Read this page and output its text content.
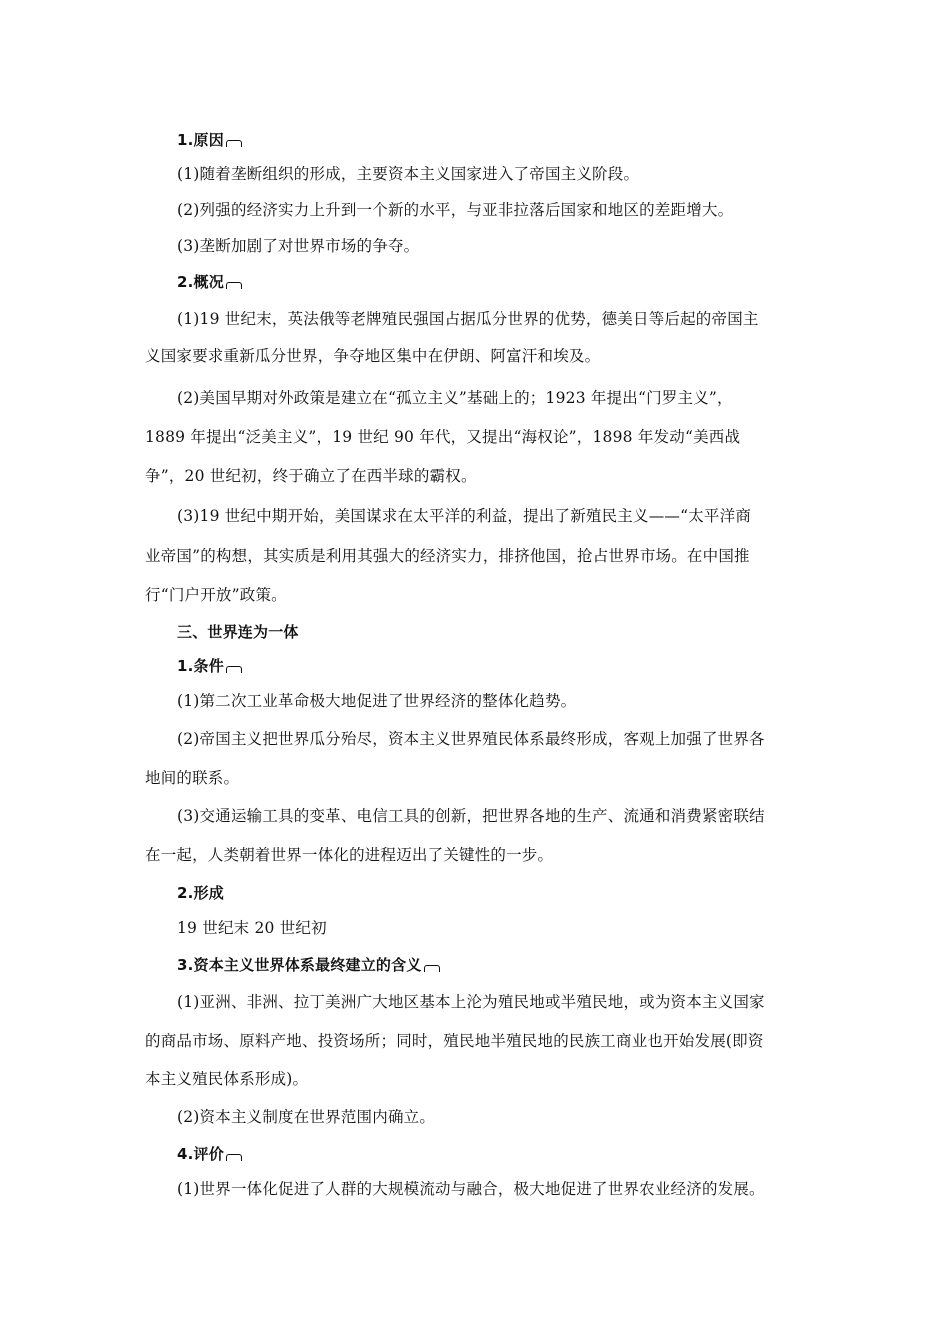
1.原因
(1)随着垄断组织的形成，主要资本主义国家进入了帝国主义阶段。
(2)列强的经济实力上升到一个新的水平，与亚非拉落后国家和地区的差距增大。
(3)垄断加剧了对世界市场的争夺。
2.概况
(1)19 世纪末，英法俄等老牌殖民强国占据瓜分世界的优势，德美日等后起的帝国主
义国家要求重新瓜分世界，争夺地区集中在伊朗、阿富汗和埃及。
(2)美国早期对外政策是建立在“孤立主义”基础上的；1923 年提出“门罗主义”，
1889 年提出“泛美主义”，19 世纪 90 年代，又提出“海权论”，1898 年发动“美西战
争”，20 世纪初，终于确立了在西半球的霸权。
(3)19 世纪中期开始，美国谋求在太平洋的利益，提出了新殖民主义——“太平洋商
业帝国”的构想，其实质是利用其强大的经济实力，排挤他国，抢占世界市场。在中国推
行“门户开放”政策。
三、世界连为一体
1.条件
(1)第二次工业革命极大地促进了世界经济的整体化趋势。
(2)帝国主义把世界瓜分殆尽，资本主义世界殖民体系最终形成，客观上加强了世界各
地间的联系。
(3)交通运输工具的变革、电信工具的创新，把世界各地的生产、流通和消费紧密联结
在一起，人类朝着世界一体化的进程迈出了关键性的一步。
2.形成
19 世纪末 20 世纪初
3.资本主义世界体系最终建立的含义
(1)亚洲、非洲、拉丁美洲广大地区基本上沦为殖民地或半殖民地，或为资本主义国家
的商品市场、原料产地、投资场所；同时，殖民地半殖民地的民族工商业也开始发展(即资
本主义殖民体系形成)。
(2)资本主义制度在世界范围内确立。
4.评价
(1)世界一体化促进了人群的大规模流动与融合，极大地促进了世界农业经济的发展。
